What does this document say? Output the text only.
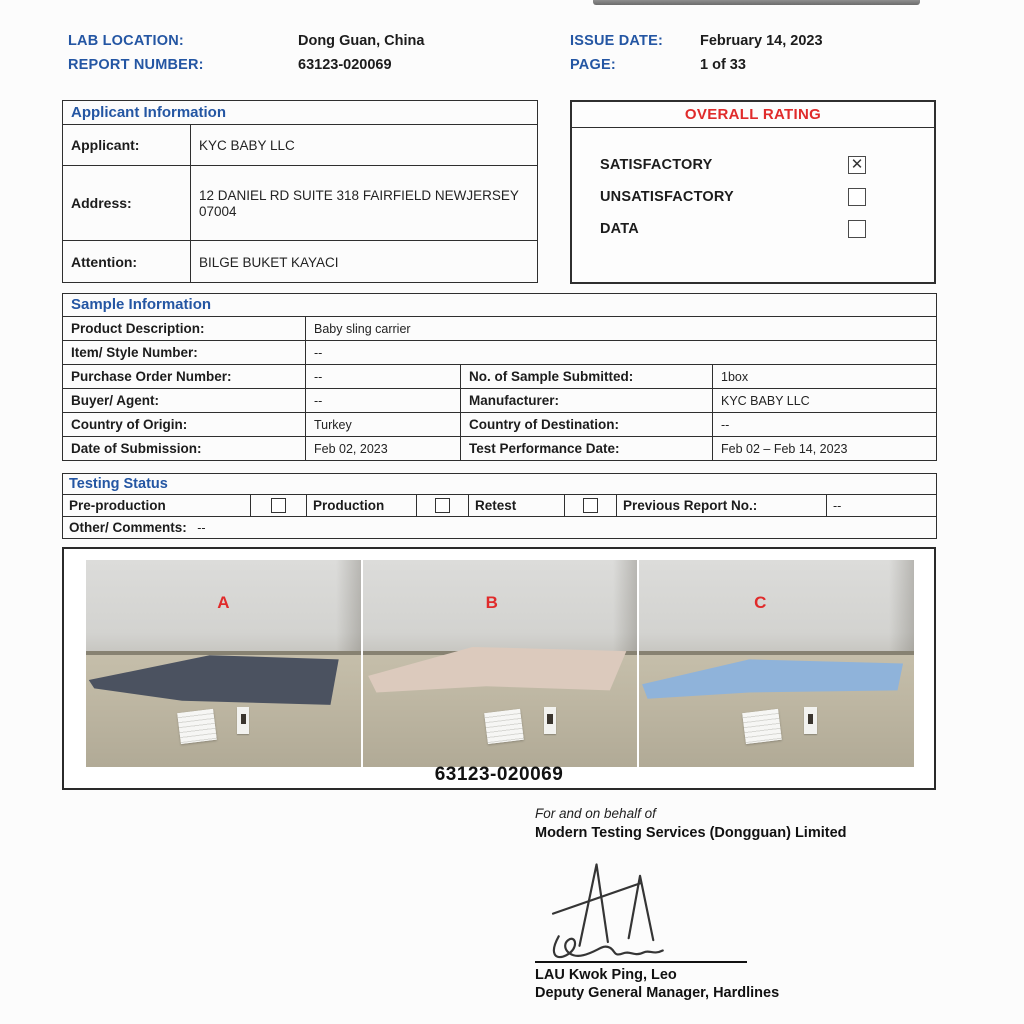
LAB LOCATION:	Dong Guan, China
REPORT NUMBER:	63123-020069
ISSUE DATE:	February 14, 2023
PAGE:	1 of 33
Applicant Information	
Applicant:	KYC BABY LLC
Address:	12 DANIEL RD SUITE 318 FAIRFIELD NEWJERSEY 07004
Attention:	BILGE BUKET KAYACI
OVERALL RATING
SATISFACTORY	✕
UNSATISFACTORY
DATA
Sample Information			
Product Description:	Baby sling carrier		
Item/ Style Number:	--		
Purchase Order Number:	--	No. of Sample Submitted:	1box
Buyer/ Agent:	--	Manufacturer:	KYC BABY LLC
Country of Origin:	Turkey	Country of Destination:	--
Date of Submission:	Feb 02, 2023	Test Performance Date:	Feb 02 – Feb 14, 2023
Testing Status
Pre-production		Production		Retest		Previous Report No.:	--
Other/ Comments: --
A	B	C
63123-020069
For and on behalf of
Modern Testing Services (Dongguan) Limited
LAU Kwok Ping, Leo
Deputy General Manager, Hardlines
